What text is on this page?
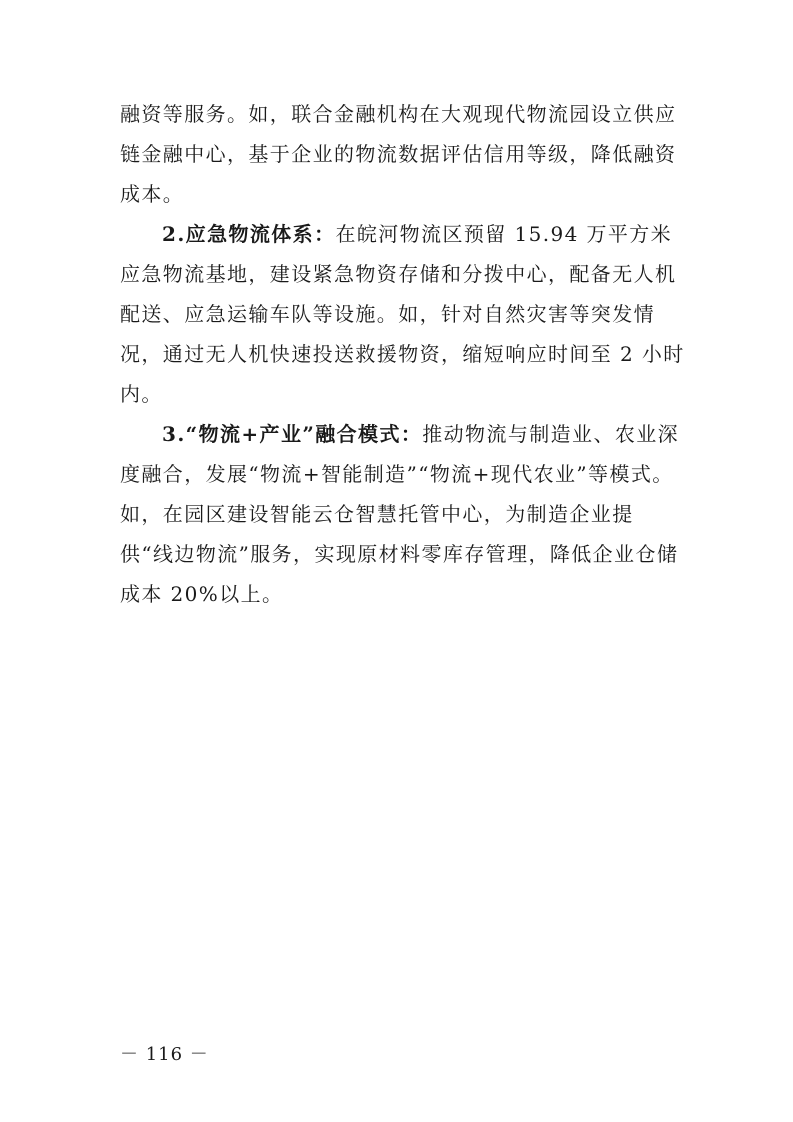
融资等服务。如，联合金融机构在大观现代物流园设立供应链金融中心，基于企业的物流数据评估信用等级，降低融资成本。

2.应急物流体系：在皖河物流区预留 15.94 万平方米应急物流基地，建设紧急物资存储和分拨中心，配备无人机配送、应急运输车队等设施。如，针对自然灾害等突发情况，通过无人机快速投送救援物资，缩短响应时间至 2 小时内。

3.“物流+产业”融合模式：推动物流与制造业、农业深度融合，发展“物流+智能制造”“物流+现代农业”等模式。如，在园区建设智能云仓智慧托管中心，为制造企业提供“线边物流”服务，实现原材料零库存管理，降低企业仓储成本 20%以上。

－ 116 －
